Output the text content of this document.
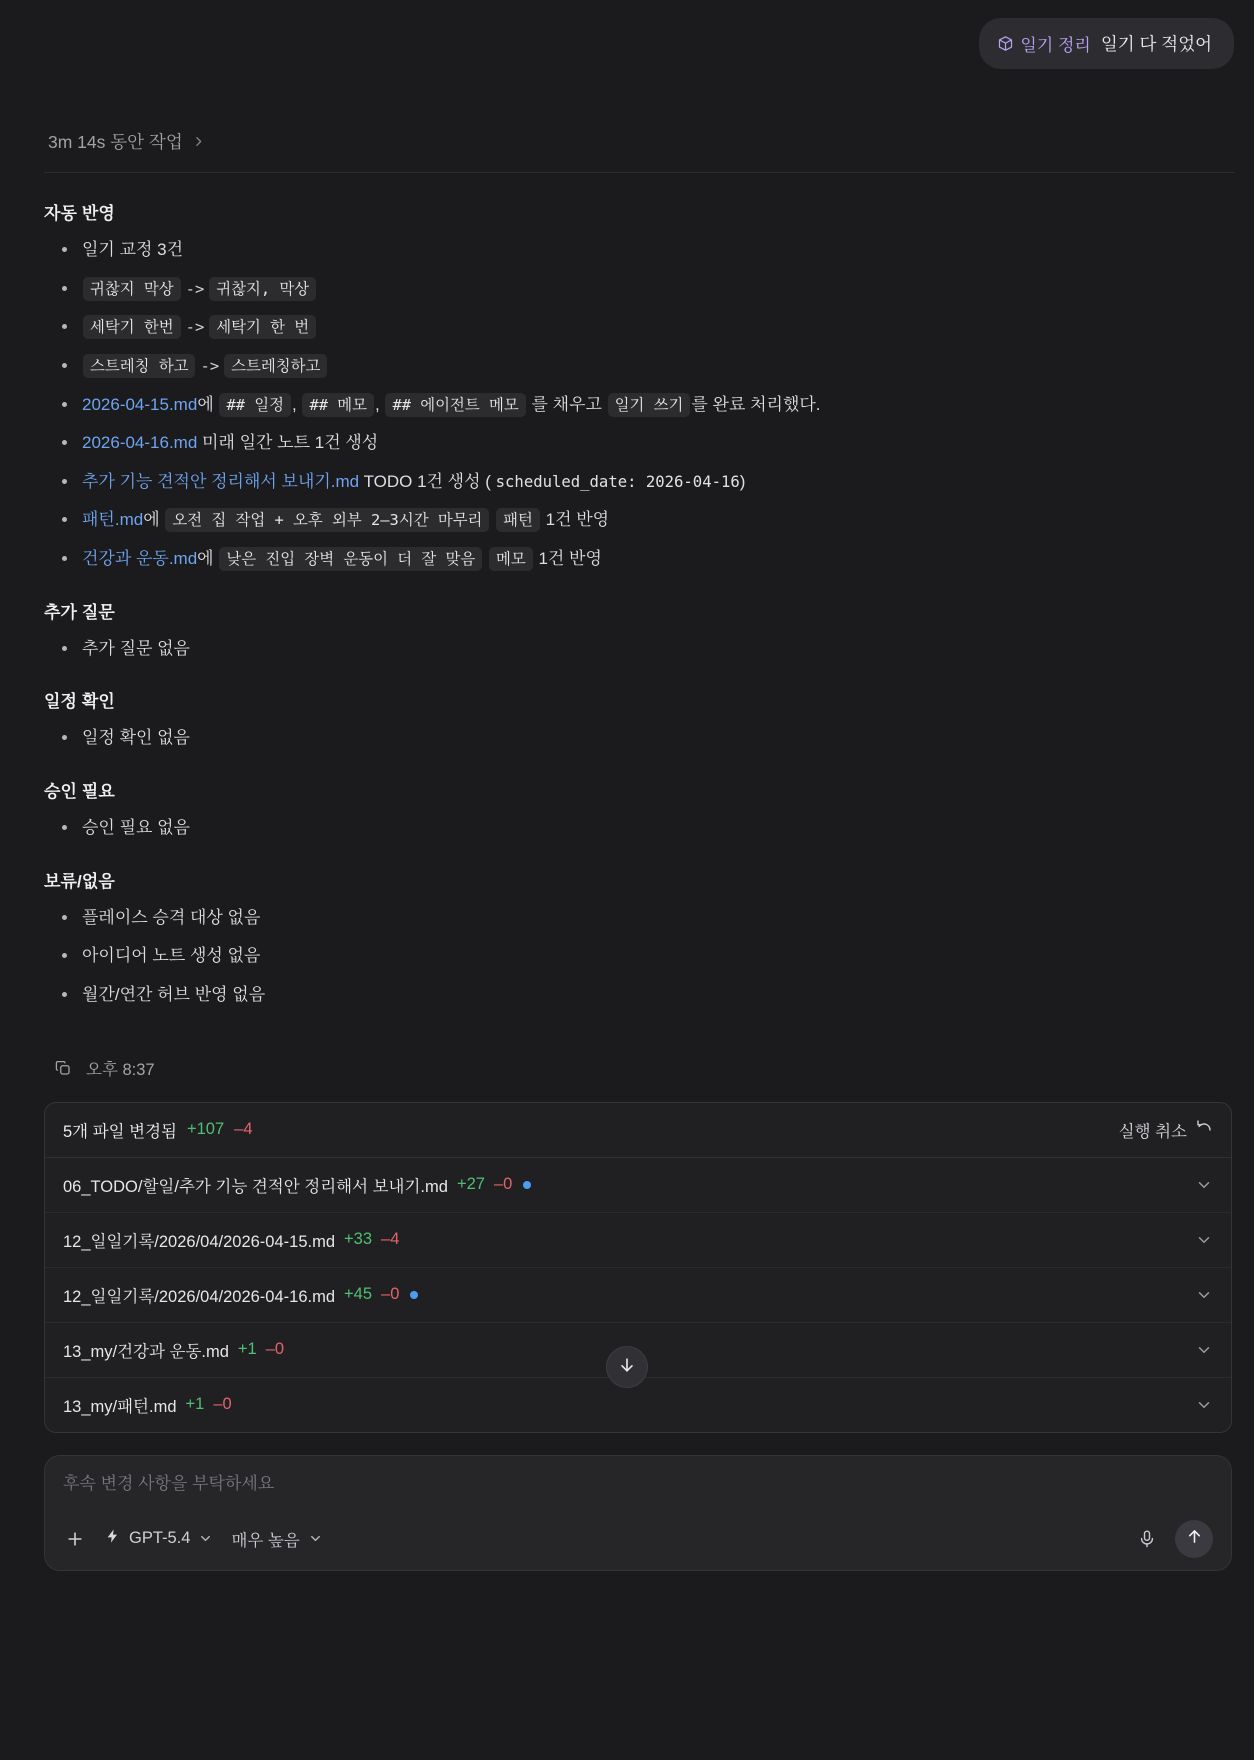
일기 정리 일기 다 적었어
3m 14s 동안 작업
자동 반영
일기 교정 3건
귀찮지 막상 -> 귀찮지, 막상
세탁기 한번 -> 세탁기 한 번
스트레칭 하고 -> 스트레칭하고
2026-04-15.md에 ## 일정 , ## 메모 , ## 에이전트 메모 를 채우고 일기 쓰기 를 완료 처리했다.
2026-04-16.md 미래 일간 노트 1건 생성
추가 기능 견적안 정리해서 보내기.md TODO 1건 생성 ( scheduled_date: 2026-04-16)
패턴.md에 오전 집 작업 + 오후 외부 2–3시간 마무리 패턴 1건 반영
건강과 운동.md에 낮은 진입 장벽 운동이 더 잘 맞음 메모 1건 반영
추가 질문
추가 질문 없음
일정 확인
일정 확인 없음
승인 필요
승인 필요 없음
보류/없음
플레이스 승격 대상 없음
아이디어 노트 생성 없음
월간/연간 허브 반영 없음
오후 8:37
5개 파일 변경됨 +107 –4	실행 취소
06_TODO/할일/추가 기능 견적안 정리해서 보내기.md +27 –0
12_일일기록/2026/04/2026-04-15.md +33 –4
12_일일기록/2026/04/2026-04-16.md +45 –0
13_my/건강과 운동.md +1 –0
13_my/패턴.md +1 –0
후속 변경 사항을 부탁하세요
GPT-5.4 매우 높음
